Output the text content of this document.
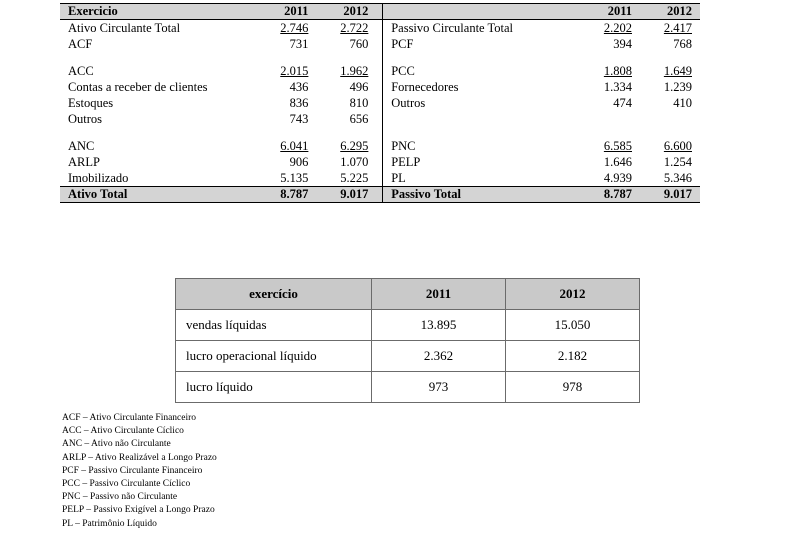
Exercicio	2011	2012			2011	2012
Ativo Circulante Total	2.746	2.722		Passivo Circulante Total	2.202	2.417
ACF	731	760		PCF	394	768

ACC	2.015	1.962		PCC	1.808	1.649
Contas a receber de clientes	436	496		Fornecedores	1.334	1.239
Estoques	836	810		Outros	474	410
Outros	743	656				

ANC	6.041	6.295		PNC	6.585	6.600
ARLP	906	1.070		PELP	1.646	1.254
Imobilizado	5.135	5.225		PL	4.939	5.346
Ativo Total	8.787	9.017		Passivo Total	8.787	9.017
exercício	2011	2012
vendas líquidas	13.895	15.050
lucro operacional líquido	2.362	2.182
lucro líquido	973	978
ACF – Ativo Circulante Financeiro
ACC – Ativo Circulante Cíclico
ANC – Ativo não Circulante
ARLP – Ativo Realizável a Longo Prazo
PCF – Passivo Circulante Financeiro
PCC – Passivo Circulante Cíclico
PNC – Passivo não Circulante
PELP – Passivo Exigível a Longo Prazo
PL – Patrimônio Líquido
